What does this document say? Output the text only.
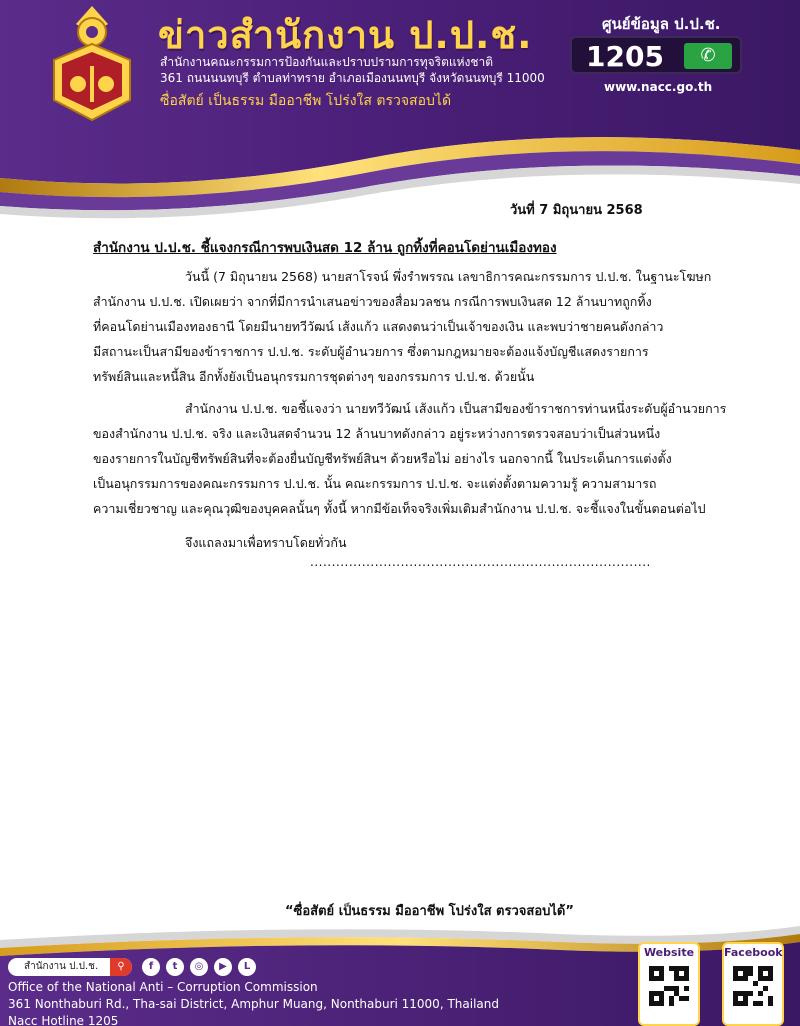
ข่าวสำนักงาน ป.ป.ช.
สำนักงานคณะกรรมการป้องกันและปราบปรามการทุจริตแห่งชาติ
361 ถนนนนทบุรี ตำบลท่าทราย อำเภอเมืองนนทบุรี จังหวัดนนทบุรี 11000
ซื่อสัตย์ เป็นธรรม มืออาชีพ โปร่งใส ตรวจสอบได้
ศูนย์ข้อมูล ป.ป.ช.
1205	✆
www.nacc.go.th
วันที่ 7 มิถุนายน 2568
สำนักงาน ป.ป.ช. ชี้แจงกรณีการพบเงินสด 12 ล้าน ถูกทิ้งที่คอนโดย่านเมืองทอง

วันนี้ (7 มิถุนายน 2568) นายสาโรจน์ พึ่งรำพรรณ เลขาธิการคณะกรรมการ ป.ป.ช. ในฐานะโฆษก

สำนักงาน ป.ป.ช. เปิดเผยว่า จากที่มีการนำเสนอข่าวของสื่อมวลชน กรณีการพบเงินสด 12 ล้านบาทถูกทิ้ง

ที่คอนโดย่านเมืองทองธานี โดยมีนายทวีวัฒน์ เส้งแก้ว แสดงตนว่าเป็นเจ้าของเงิน และพบว่าชายคนดังกล่าว

มีสถานะเป็นสามีของข้าราชการ ป.ป.ช. ระดับผู้อำนวยการ ซึ่งตามกฎหมายจะต้องแจ้งบัญชีแสดงรายการ

ทรัพย์สินและหนี้สิน อีกทั้งยังเป็นอนุกรรมการชุดต่างๆ ของกรรมการ ป.ป.ช. ด้วยนั้น

สำนักงาน ป.ป.ช. ขอชี้แจงว่า นายทวีวัฒน์ เส้งแก้ว เป็นสามีของข้าราชการท่านหนึ่งระดับผู้อำนวยการ

ของสำนักงาน ป.ป.ช. จริง และเงินสดจำนวน 12 ล้านบาทดังกล่าว อยู่ระหว่างการตรวจสอบว่าเป็นส่วนหนึ่ง

ของรายการในบัญชีทรัพย์สินที่จะต้องยื่นบัญชีทรัพย์สินฯ ด้วยหรือไม่ อย่างไร นอกจากนี้ ในประเด็นการแต่งตั้ง

เป็นอนุกรรมการของคณะกรรมการ ป.ป.ช. นั้น คณะกรรมการ ป.ป.ช. จะแต่งตั้งตามความรู้ ความสามารถ

ความเชี่ยวชาญ และคุณวุฒิของบุคคลนั้นๆ ทั้งนี้ หากมีข้อเท็จจริงเพิ่มเติมสำนักงาน ป.ป.ช. จะชี้แจงในขั้นตอนต่อไป

จึงแถลงมาเพื่อทราบโดยทั่วกัน
...............................................................................
“ซื่อสัตย์ เป็นธรรม มืออาชีพ โปร่งใส ตรวจสอบได้”
สำนักงาน ป.ป.ช.	⚲	f	t	◎	▶	L
Office of the National Anti – Corruption Commission
361 Nonthaburi Rd., Tha-sai District, Amphur Muang, Nonthaburi 11000, Thailand
Nacc Hotline 1205
Website	Facebook
